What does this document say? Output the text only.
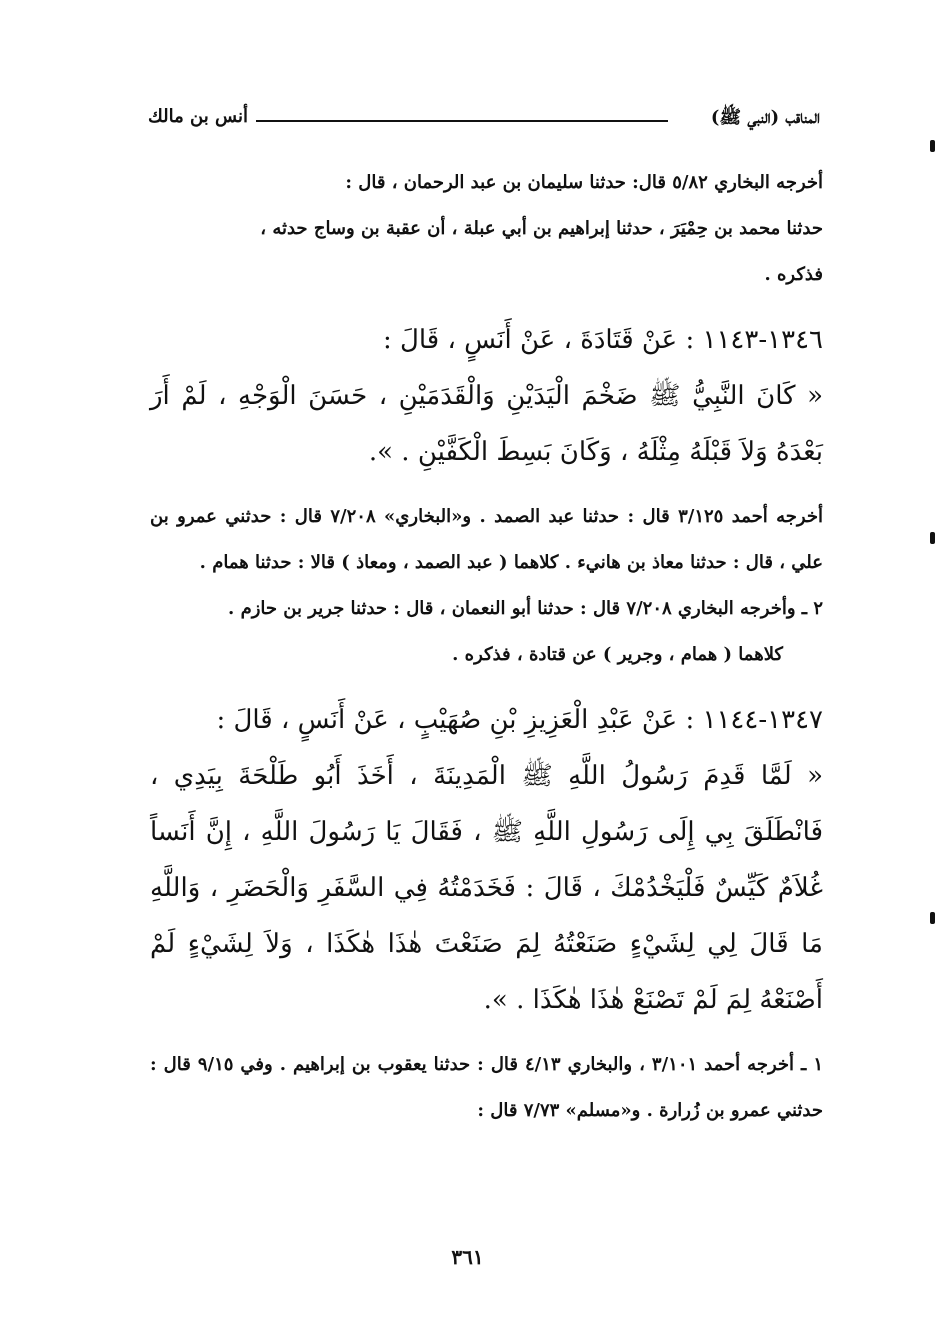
المناقب (النبي ﷺ)
أنس بن مالك

أخرجه البخاري ٥/٨٢ قال: حدثنا سليمان بن عبد الرحمان ، قال :

حدثنا محمد بن حِمْيَرَ ، حدثنا إبراهيم بن أبي عبلة ، أن عقبة بن وساج حدثه ،

فذكره .

١٣٤٦-١١٤٣ : عَنْ قَتَادَةَ ، عَنْ أَنَسٍ ، قَالَ :

« كَانَ النَّبِيُّ ﷺ ضَخْمَ الْيَدَيْنِ وَالْقَدَمَيْنِ ، حَسَنَ الْوَجْهِ ، لَمْ أَرَ بَعْدَهُ وَلاَ قَبْلَهُ مِثْلَهُ ، وَكَانَ بَسِطَ الْكَفَّيْنِ . ».

أخرجه أحمد ٣/١٢٥ قال : حدثنا عبد الصمد . و«البخاري» ٧/٢٠٨ قال : حدثني عمرو بن علي ، قال : حدثنا معاذ بن هانيء . كلاهما ( عبد الصمد ، ومعاذ ) قالا : حدثنا همام .

٢ ـ وأخرجه البخاري ٧/٢٠٨ قال : حدثنا أبو النعمان ، قال : حدثنا جرير بن حازم .

كلاهما ( همام ، وجرير ) عن قتادة ، فذكره .

١٣٤٧-١١٤٤ : عَنْ عَبْدِ الْعَزِيزِ بْنِ صُهَيْبٍ ، عَنْ أَنَسٍ ، قَالَ :

« لَمَّا قَدِمَ رَسُولُ اللَّهِ ﷺ الْمَدِينَةَ ، أَخَذَ أَبُو طَلْحَةَ بِيَدِي ، فَانْطَلَقَ بِي إِلَى رَسُولِ اللَّهِ ﷺ ، فَقَالَ يَا رَسُولَ اللَّهِ ، إِنَّ أَنَساً غُلاَمٌ كَيِّسٌ فَلْيَخْدُمْكَ ، قَالَ : فَخَدَمْتُهُ فِي السَّفَرِ وَالْحَضَرِ ، وَاللَّهِ مَا قَالَ لِي لِشَيْءٍ صَنَعْتُهُ لِمَ صَنَعْتَ هٰذَا هٰكَذَا ، وَلاَ لِشَيْءٍ لَمْ أَصْنَعْهُ لِمَ لَمْ تَصْنَعْ هٰذَا هٰكَذَا . ».

١ ـ أخرجه أحمد ٣/١٠١ ، والبخاري ٤/١٣ قال : حدثنا يعقوب بن إبراهيم . وفي ٩/١٥ قال : حدثني عمرو بن زُرارة . و«مسلم» ٧/٧٣ قال :

٣٦١
